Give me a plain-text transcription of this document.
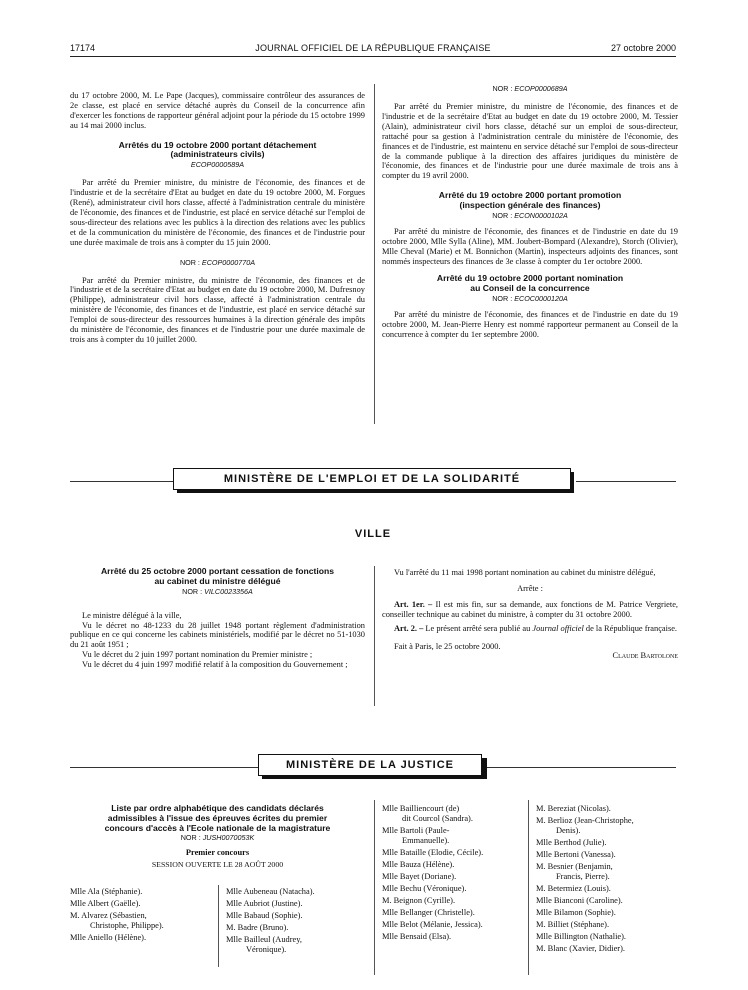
17174	JOURNAL OFFICIEL DE LA RÉPUBLIQUE FRANÇAISE	27 octobre 2000

du 17 octobre 2000, M. Le Pape (Jacques), commissaire contrôleur des assurances de 2e classe, est placé en service détaché auprès du Conseil de la concurrence afin d'exercer les fonctions de rapporteur général adjoint pour la période du 15 octobre 1999 au 14 mai 2000 inclus.

Arrêtés du 19 octobre 2000 portant détachement

(administrateurs civils)

ECOP0000589A

Par arrêté du Premier ministre, du ministre de l'économie, des finances et de l'industrie et de la secrétaire d'Etat au budget en date du 19 octobre 2000, M. Forgues (René), administrateur civil hors classe, affecté à l'administration centrale du ministère de l'économie, des finances et de l'industrie, est placé en service détaché sur l'emploi de sous-directeur des relations avec les publics à la direction des relations avec les publics et de la communication du ministère de l'économie, des finances et de l'industrie pour une durée maximale de trois ans à compter du 15 juin 2000.

NOR : ECOP0000770A

Par arrêté du Premier ministre, du ministre de l'économie, des finances et de l'industrie et de la secrétaire d'Etat au budget en date du 19 octobre 2000, M. Dufresnoy (Philippe), administrateur civil hors classe, affecté à l'administration centrale du ministère de l'économie, des finances et de l'industrie, est placé en service détaché sur l'emploi de sous-directeur des ressources humaines à la direction générale des impôts du ministère de l'économie, des finances et de l'industrie pour une durée maximale de trois ans à compter du 10 juillet 2000.

NOR : ECOP0000689A

Par arrêté du Premier ministre, du ministre de l'économie, des finances et de l'industrie et de la secrétaire d'Etat au budget en date du 19 octobre 2000, M. Tessier (Alain), administrateur civil hors classe, détaché sur un emploi de sous-directeur, rattaché pour sa gestion à l'administration centrale du ministère de l'économie, des finances et de l'industrie, est maintenu en service détaché sur l'emploi de sous-directeur de la commande publique à la direction des affaires juridiques du ministère de l'économie, des finances et de l'industrie pour une durée maximale de trois ans à compter du 19 avril 2000.

Arrêté du 19 octobre 2000 portant promotion

(inspection générale des finances)

NOR : ECON0000102A

Par arrêté du ministre de l'économie, des finances et de l'industrie en date du 19 octobre 2000, Mlle Sylla (Aline), MM. Joubert-Bompard (Alexandre), Storch (Olivier), Mlle Cheval (Marie) et M. Bonnichon (Martin), inspecteurs adjoints des finances, sont nommés inspecteurs des finances de 3e classe à compter du 1er octobre 2000.

Arrêté du 19 octobre 2000 portant nomination

au Conseil de la concurrence

NOR : ECOC0000120A

Par arrêté du ministre de l'économie, des finances et de l'industrie en date du 19 octobre 2000, M. Jean-Pierre Henry est nommé rapporteur permanent au Conseil de la concurrence à compter du 1er septembre 2000.

MINISTÈRE DE L'EMPLOI ET DE LA SOLIDARITÉ
VILLE

Arrêté du 25 octobre 2000 portant cessation de fonctions

au cabinet du ministre délégué

NOR : VILC0023356A

Le ministre délégué à la ville,

Vu le décret no 48-1233 du 28 juillet 1948 portant règlement d'administration publique en ce qui concerne les cabinets ministériels, modifié par le décret no 51-1030 du 21 août 1951 ;

Vu le décret du 2 juin 1997 portant nomination du Premier ministre ;

Vu le décret du 4 juin 1997 modifié relatif à la composition du Gouvernement ;

Vu l'arrêté du 11 mai 1998 portant nomination au cabinet du ministre délégué,

Arrête :

Art. 1er. – Il est mis fin, sur sa demande, aux fonctions de M. Patrice Vergriete, conseiller technique au cabinet du ministre, à compter du 31 octobre 2000.

Art. 2. – Le présent arrêté sera publié au Journal officiel de la République française.

Fait à Paris, le 25 octobre 2000.

Claude Bartolone

MINISTÈRE DE LA JUSTICE

Liste par ordre alphabétique des candidats déclarés

admissibles à l'issue des épreuves écrites du premier

concours d'accès à l'Ecole nationale de la magistrature

NOR : JUSH0070053K

Premier concours

SESSION OUVERTE LE 28 AOÛT 2000

Mlle Ala (Stéphanie).
Mlle Albert (Gaëlle).
M. Alvarez (Sébastien,
Christophe, Philippe).
Mlle Aniello (Hélène).
Mlle Aubeneau (Natacha).
Mlle Aubriot (Justine).
Mlle Babaud (Sophie).
M. Badre (Bruno).
Mlle Bailleul (Audrey,
Véronique).
Mlle Bailliencourt (de)
dit Courcol (Sandra).
Mlle Bartoli (Paule-
Emmanuelle).
Mlle Bataille (Elodie, Cécile).
Mlle Bauza (Hélène).
Mlle Bayet (Doriane).
Mlle Bechu (Véronique).
M. Beignon (Cyrille).
Mlle Bellanger (Christelle).
Mlle Belot (Mélanie, Jessica).
Mlle Bensaid (Elsa).
M. Bereziat (Nicolas).
M. Berlioz (Jean-Christophe,
Denis).
Mlle Berthod (Julie).
Mlle Bertoni (Vanessa).
M. Besnier (Benjamin,
Francis, Pierre).
M. Betermiez (Louis).
Mlle Bianconi (Caroline).
Mlle Bilamon (Sophie).
M. Billiet (Stéphane).
Mlle Billington (Nathalie).
M. Blanc (Xavier, Didier).
